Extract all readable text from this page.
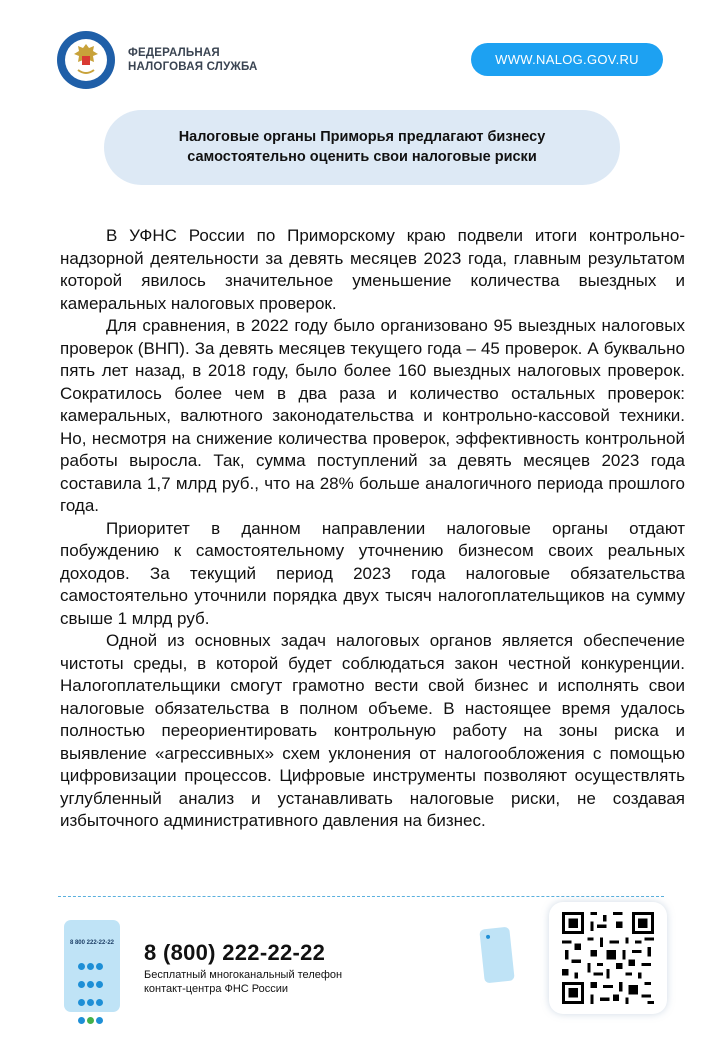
ФЕДЕРАЛЬНАЯ
НАЛОГОВАЯ СЛУЖБА	WWW.NALOG.GOV.RU
Налоговые органы Приморья предлагают бизнесу
самостоятельно оценить свои налоговые риски

В УФНС России по Приморскому краю подвели итоги контрольно-надзорной деятельности за девять месяцев 2023 года, главным результатом которой явилось значительное уменьшение количества выездных и камеральных налоговых проверок.

Для сравнения, в 2022 году было организовано 95 выездных налоговых проверок (ВНП). За девять месяцев текущего года – 45 проверок. А буквально пять лет назад, в 2018 году, было более 160 выездных налоговых проверок. Сократилось более чем в два раза и количество остальных проверок: камеральных, валютного законодательства и контрольно-кассовой техники. Но, несмотря на снижение количества проверок, эффективность контрольной работы выросла. Так, сумма поступлений за девять месяцев 2023 года составила 1,7 млрд руб., что на 28% больше аналогичного периода прошлого года.

Приоритет в данном направлении налоговые органы отдают побуждению к самостоятельному уточнению бизнесом своих реальных доходов. За текущий период 2023 года налоговые обязательства самостоятельно уточнили порядка двух тысяч налогоплательщиков на сумму свыше 1 млрд руб.

Одной из основных задач налоговых органов является обеспечение чистоты среды, в которой будет соблюдаться закон честной конкуренции. Налогоплательщики смогут грамотно вести свой бизнес и исполнять свои налоговые обязательства в полном объеме. В настоящее время удалось полностью переориентировать контрольную работу на зоны риска и выявление «агрессивных» схем уклонения от налогообложения с помощью цифровизации процессов. Цифровые инструменты позволяют осуществлять углубленный анализ и устанавливать налоговые риски, не создавая избыточного административного давления на бизнес.

8 800 222-22-22 8 (800) 222-22-22
Бесплатный многоканальный телефон
контакт-центра ФНС России
